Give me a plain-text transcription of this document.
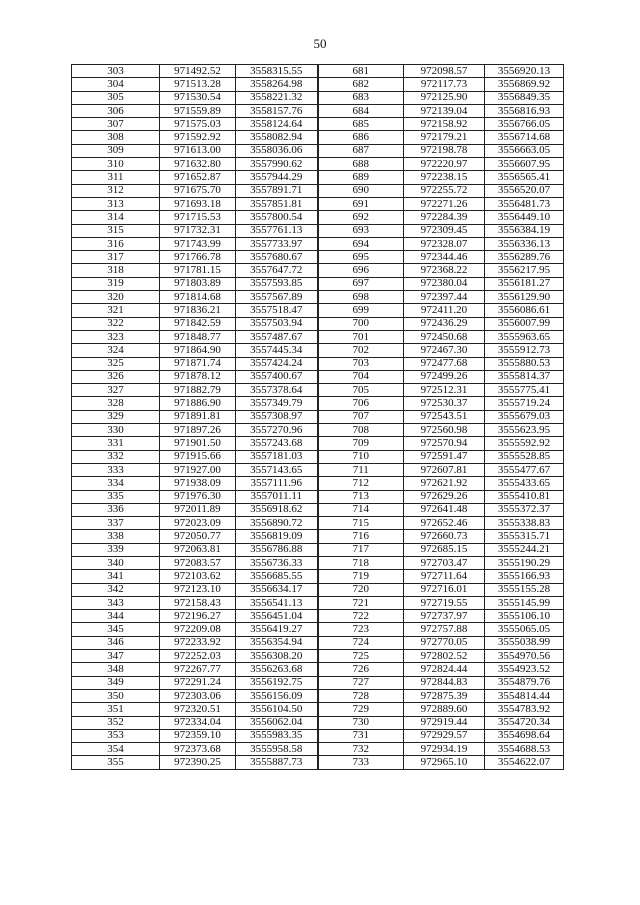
50
303	971492.52	3558315.55	681	972098.57	3556920.13
304	971513.28	3558264.98	682	972117.73	3556869.92
305	971530.54	3558221.32	683	972125.90	3556849.35
306	971559.89	3558157.76	684	972139.04	3556816.93
307	971575.03	3558124.64	685	972158.92	3556766.05
308	971592.92	3558082.94	686	972179.21	3556714.68
309	971613.00	3558036.06	687	972198.78	3556663.05
310	971632.80	3557990.62	688	972220.97	3556607.95
311	971652.87	3557944.29	689	972238.15	3556565.41
312	971675.70	3557891.71	690	972255.72	3556520.07
313	971693.18	3557851.81	691	972271.26	3556481.73
314	971715.53	3557800.54	692	972284.39	3556449.10
315	971732.31	3557761.13	693	972309.45	3556384.19
316	971743.99	3557733.97	694	972328.07	3556336.13
317	971766.78	3557680.67	695	972344.46	3556289.76
318	971781.15	3557647.72	696	972368.22	3556217.95
319	971803.89	3557593.85	697	972380.04	3556181.27
320	971814.68	3557567.89	698	972397.44	3556129.90
321	971836.21	3557518.47	699	972411.20	3556086.61
322	971842.59	3557503.94	700	972436.29	3556007.99
323	971848.77	3557487.67	701	972450.68	3555963.65
324	971864.90	3557445.34	702	972467.30	3555912.73
325	971871.74	3557424.24	703	972477.68	3555880.53
326	971878.12	3557400.67	704	972499.26	3555814.37
327	971882.79	3557378.64	705	972512.31	3555775.41
328	971886.90	3557349.79	706	972530.37	3555719.24
329	971891.81	3557308.97	707	972543.51	3555679.03
330	971897.26	3557270.96	708	972560.98	3555623.95
331	971901.50	3557243.68	709	972570.94	3555592.92
332	971915.66	3557181.03	710	972591.47	3555528.85
333	971927.00	3557143.65	711	972607.81	3555477.67
334	971938.09	3557111.96	712	972621.92	3555433.65
335	971976.30	3557011.11	713	972629.26	3555410.81
336	972011.89	3556918.62	714	972641.48	3555372.37
337	972023.09	3556890.72	715	972652.46	3555338.83
338	972050.77	3556819.09	716	972660.73	3555315.71
339	972063.81	3556786.88	717	972685.15	3555244.21
340	972083.57	3556736.33	718	972703.47	3555190.29
341	972103.62	3556685.55	719	972711.64	3555166.93
342	972123.10	3556634.17	720	972716.01	3555155.28
343	972158.43	3556541.13	721	972719.55	3555145.99
344	972196.27	3556451.04	722	972737.97	3555106.10
345	972209.08	3556419.27	723	972757.88	3555065.05
346	972233.92	3556354.94	724	972770.05	3555038.99
347	972252.03	3556308.20	725	972802.52	3554970.56
348	972267.77	3556263.68	726	972824.44	3554923.52
349	972291.24	3556192.75	727	972844.83	3554879.76
350	972303.06	3556156.09	728	972875.39	3554814.44
351	972320.51	3556104.50	729	972889.60	3554783.92
352	972334.04	3556062.04	730	972919.44	3554720.34
353	972359.10	3555983.35	731	972929.57	3554698.64
354	972373.68	3555958.58	732	972934.19	3554688.53
355	972390.25	3555887.73	733	972965.10	3554622.07
